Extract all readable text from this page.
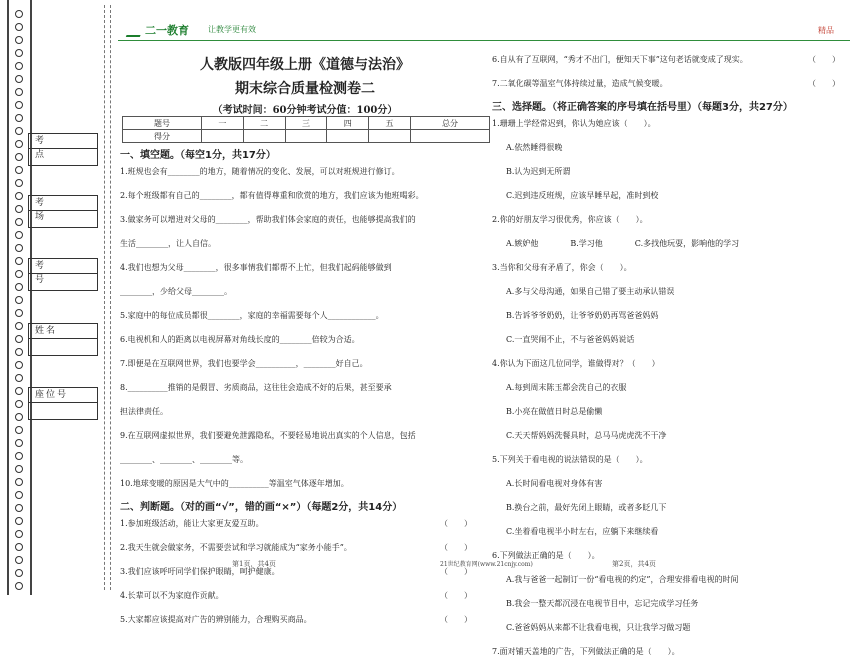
考 点
考 场
考 号
姓名
座位号
二一教育 让教学更有效	精品
人教版四年级上册《道德与法治》
期末综合质量检测卷二
（考试时间：60分钟考试分值：100分）
题号	一	二	三	四	五	总分
得分						
一、填空题。（每空1分，共17分）
1.班规也会有________的地方，随着情况的变化、发展，可以对班规进行修订。
2.每个班级都有自己的________，都有值得尊重和欣赏的地方，我们应该为他班喝彩。
3.做家务可以增进对父母的________，帮助我们体会家庭的责任，也能够提高我们的
生活________，让人自信。
4.我们也想为父母________，很多事情我们都帮不上忙，但我们起码能够做到
________，少给父母________。
5.家庭中的每位成员都很________，家庭的幸福需要每个人____________。
6.电视机和人的距离以电视屏幕对角线长度的________倍较为合适。
7.即便是在互联网世界，我们也要学会__________，________好自己。
8.__________推销的是假冒、劣质商品，这往往会造成不好的后果，甚至要承
担法律责任。
9.在互联网虚拟世界，我们要避免泄露隐私，不要轻易地说出真实的个人信息，包括
________、________、________等。
10.地球变暖的原因是大气中的__________等温室气体逐年增加。
二、判断题。（对的画“√”，错的画“×”）（每题2分，共14分）
1.参加班级活动，能让大家更友爱互助。	（　　）
2.我天生就会做家务，不需要尝试和学习就能成为“家务小能手”。	（　　）
3.我们应该呼吁同学们保护眼睛，呵护健康。	（　　）
4.长辈可以不为家庭作贡献。	（　　）
5.大家都应该提高对广告的辨别能力，合理购买商品。	（　　）
6.自从有了互联网，“秀才不出门，便知天下事”这句老话就变成了现实。	（　　）
7.二氧化碳等温室气体持续过量，造成气候变暖。	（　　）
三、选择题。（将正确答案的序号填在括号里）（每题3分，共27分）
1.珊珊上学经常迟到，你认为她应该（　　）。
A.依然睡得很晚
B.认为迟到无所谓
C.迟到违反班规，应该早睡早起，准时到校
2.你的好朋友学习很优秀，你应该（　　）。
A.嫉妒他　　　　B.学习他　　　　C.多找他玩耍，影响他的学习
3.当你和父母有矛盾了，你会（　　）。
A.多与父母沟通，如果自己错了要主动承认错误
B.告诉爷爷奶奶，让爷爷奶奶再骂爸爸妈妈
C.一直哭闹不止，不与爸爸妈妈说话
4.你认为下面这几位同学，谁做得对？（　　）
A.每到周末陈玉都会洗自己的衣服
B.小亮在做值日时总是偷懒
C.天天帮妈妈洗餐具时，总马马虎虎洗不干净
5.下列关于看电视的说法错误的是（　　）。
A.长时间看电视对身体有害
B.换台之前，最好先闭上眼睛，或者多眨几下
C.坐着看电视半小时左右，应躺下来继续看
6.下列做法正确的是（　　）。
A.我与爸爸一起制订一份“看电视的约定”，合理安排看电视的时间
B.我会一整天都沉浸在电视节目中，忘记完成学习任务
C.爸爸妈妈从来都不让我看电视，只让我学习做习题
7.面对铺天盖地的广告，下列做法正确的是（　　）。
第1页，共4页	21世纪教育网(www.21cnjy.com)	第2页，共4页
